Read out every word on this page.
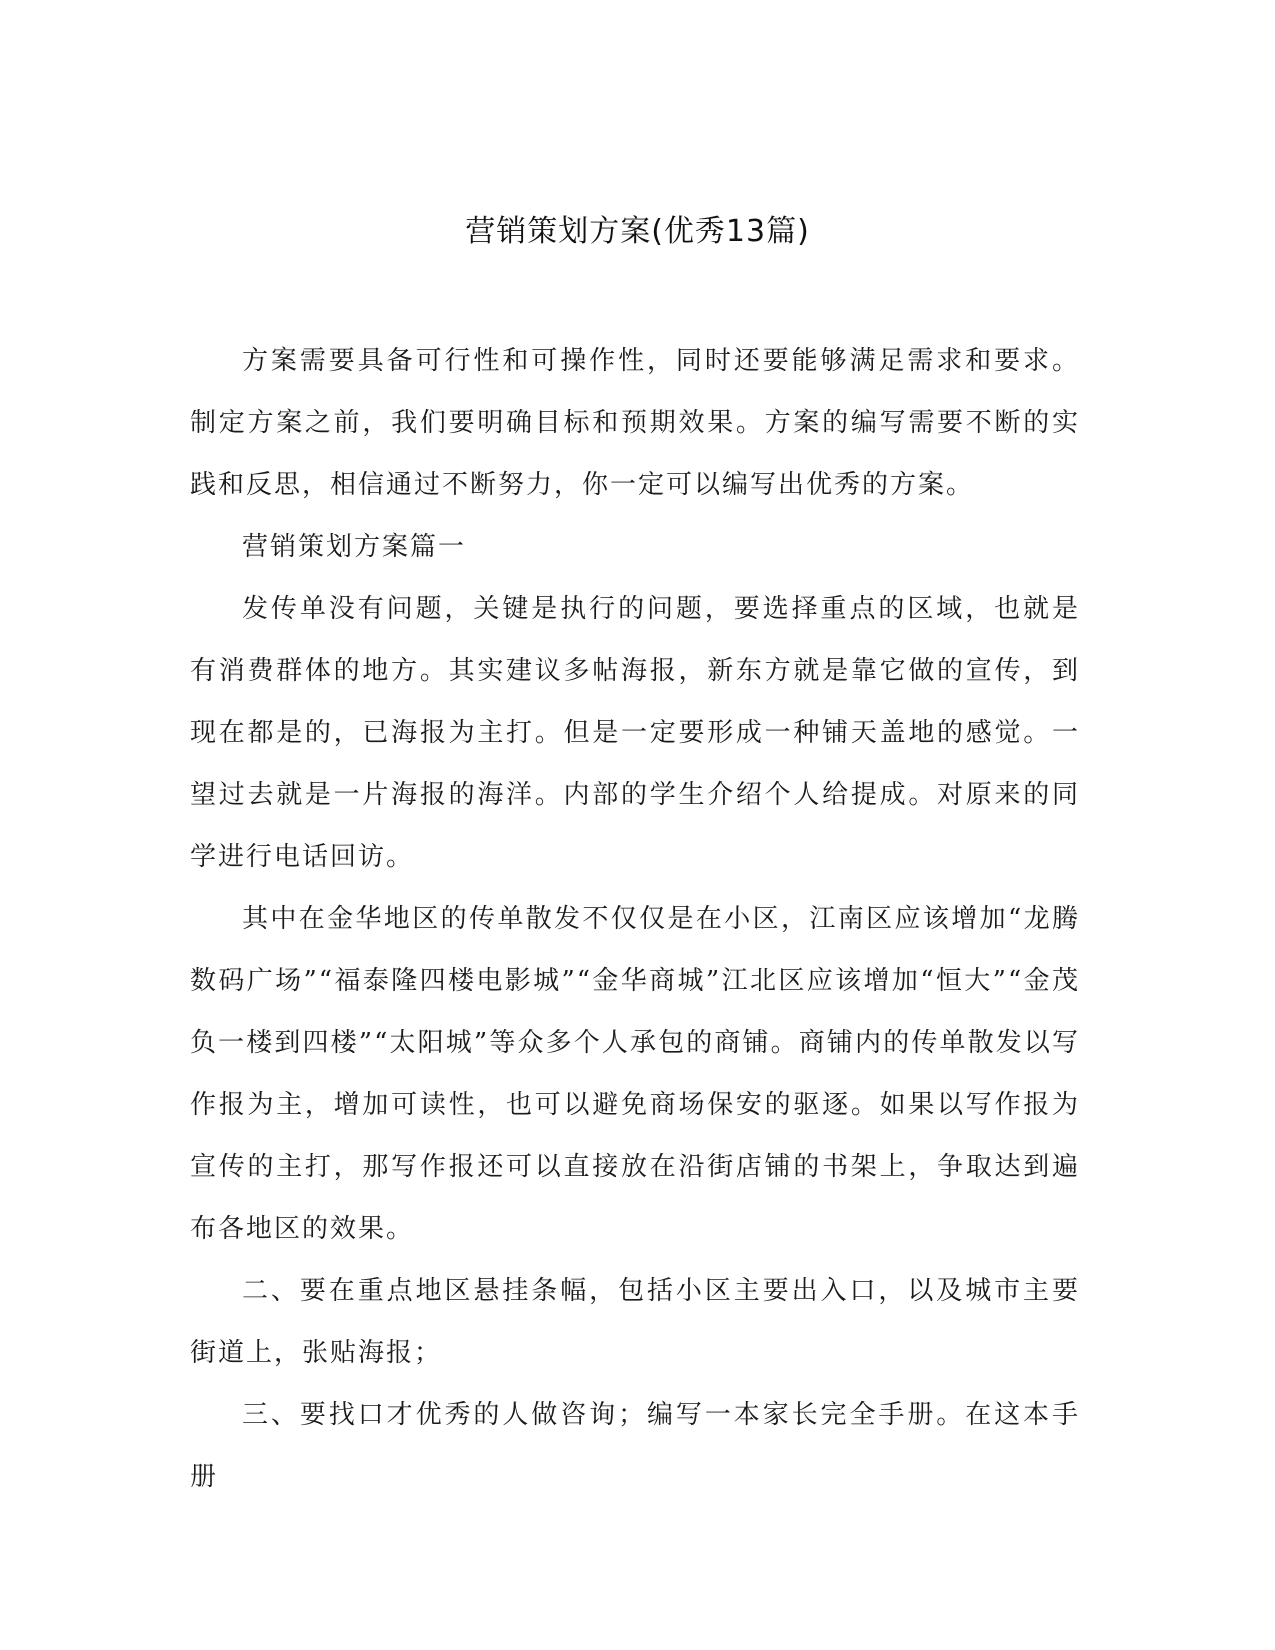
营销策划方案(优秀13篇)

方案需要具备可行性和可操作性，同时还要能够满足需求和要求。制定方案之前，我们要明确目标和预期效果。方案的编写需要不断的实践和反思，相信通过不断努力，你一定可以编写出优秀的方案。

营销策划方案篇一

发传单没有问题，关键是执行的问题，要选择重点的区域，也就是有消费群体的地方。其实建议多帖海报，新东方就是靠它做的宣传，到现在都是的，已海报为主打。但是一定要形成一种铺天盖地的感觉。一望过去就是一片海报的海洋。内部的学生介绍个人给提成。对原来的同学进行电话回访。

其中在金华地区的传单散发不仅仅是在小区，江南区应该增加“龙腾数码广场”“福泰隆四楼电影城”“金华商城”江北区应该增加“恒大”“金茂负一楼到四楼”“太阳城”等众多个人承包的商铺。商铺内的传单散发以写作报为主，增加可读性，也可以避免商场保安的驱逐。如果以写作报为宣传的主打，那写作报还可以直接放在沿街店铺的书架上，争取达到遍布各地区的效果。

二、要在重点地区悬挂条幅，包括小区主要出入口，以及城市主要街道上，张贴海报；

三、要找口才优秀的人做咨询；编写一本家长完全手册。在这本手册
